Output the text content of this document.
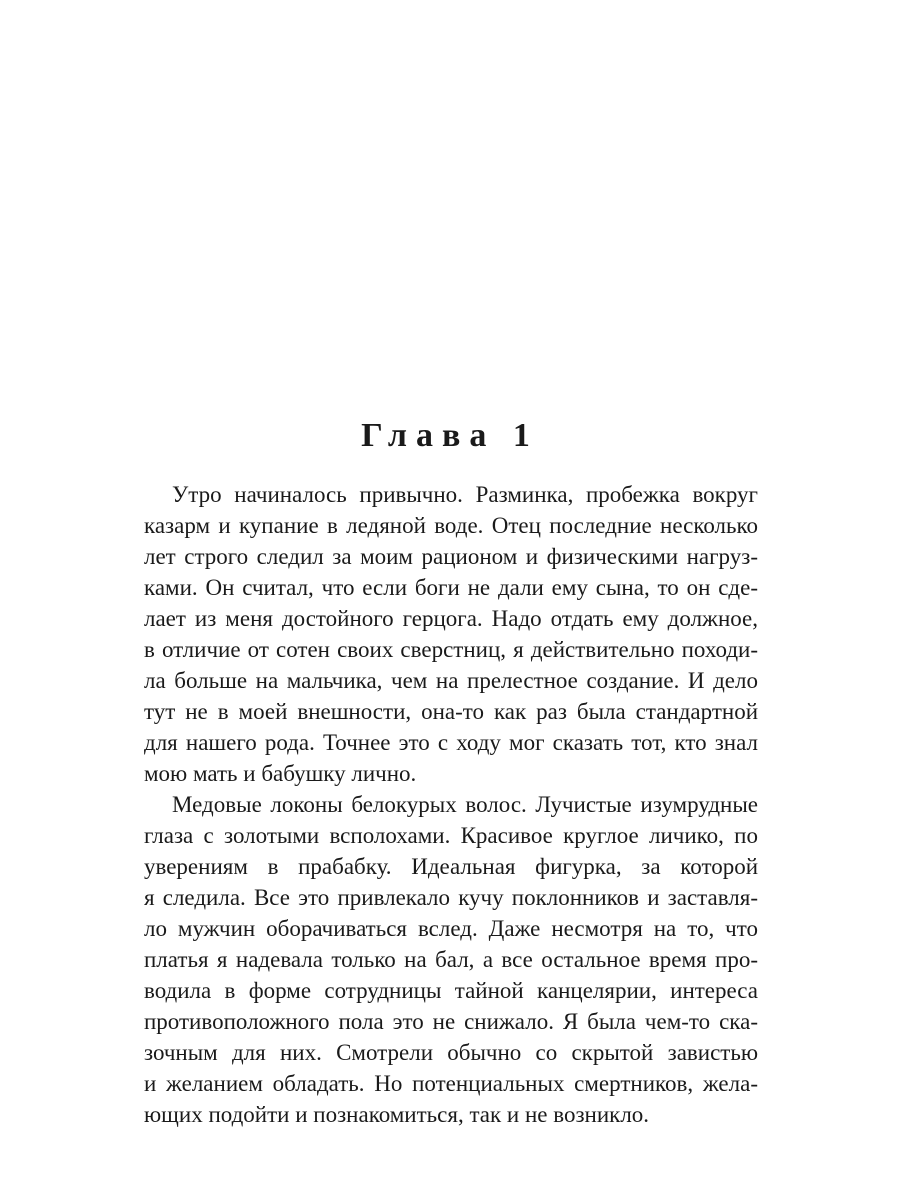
Глава 1
Утро начиналось привычно. Разминка, пробежка вокруг
казарм и купание в ледяной воде. Отец последние несколько
лет строго следил за моим рационом и физическими нагруз-
ками. Он считал, что если боги не дали ему сына, то он сде-
лает из меня достойного герцога. Надо отдать ему должное,
в отличие от сотен своих сверстниц, я действительно походи-
ла больше на мальчика, чем на прелестное создание. И дело
тут не в моей внешности, она-то как раз была стандартной
для нашего рода. Точнее это с ходу мог сказать тот, кто знал
мою мать и бабушку лично.
Медовые локоны белокурых волос. Лучистые изумрудные
глаза с золотыми всполохами. Красивое круглое личико, по
уверениям в прабабку. Идеальная фигурка, за которой
я следила. Все это привлекало кучу поклонников и заставля-
ло мужчин оборачиваться вслед. Даже несмотря на то, что
платья я надевала только на бал, а все остальное время про-
водила в форме сотрудницы тайной канцелярии, интереса
противоположного пола это не снижало. Я была чем-то ска-
зочным для них. Смотрели обычно со скрытой завистью
и желанием обладать. Но потенциальных смертников, жела-
ющих подойти и познакомиться, так и не возникло.
